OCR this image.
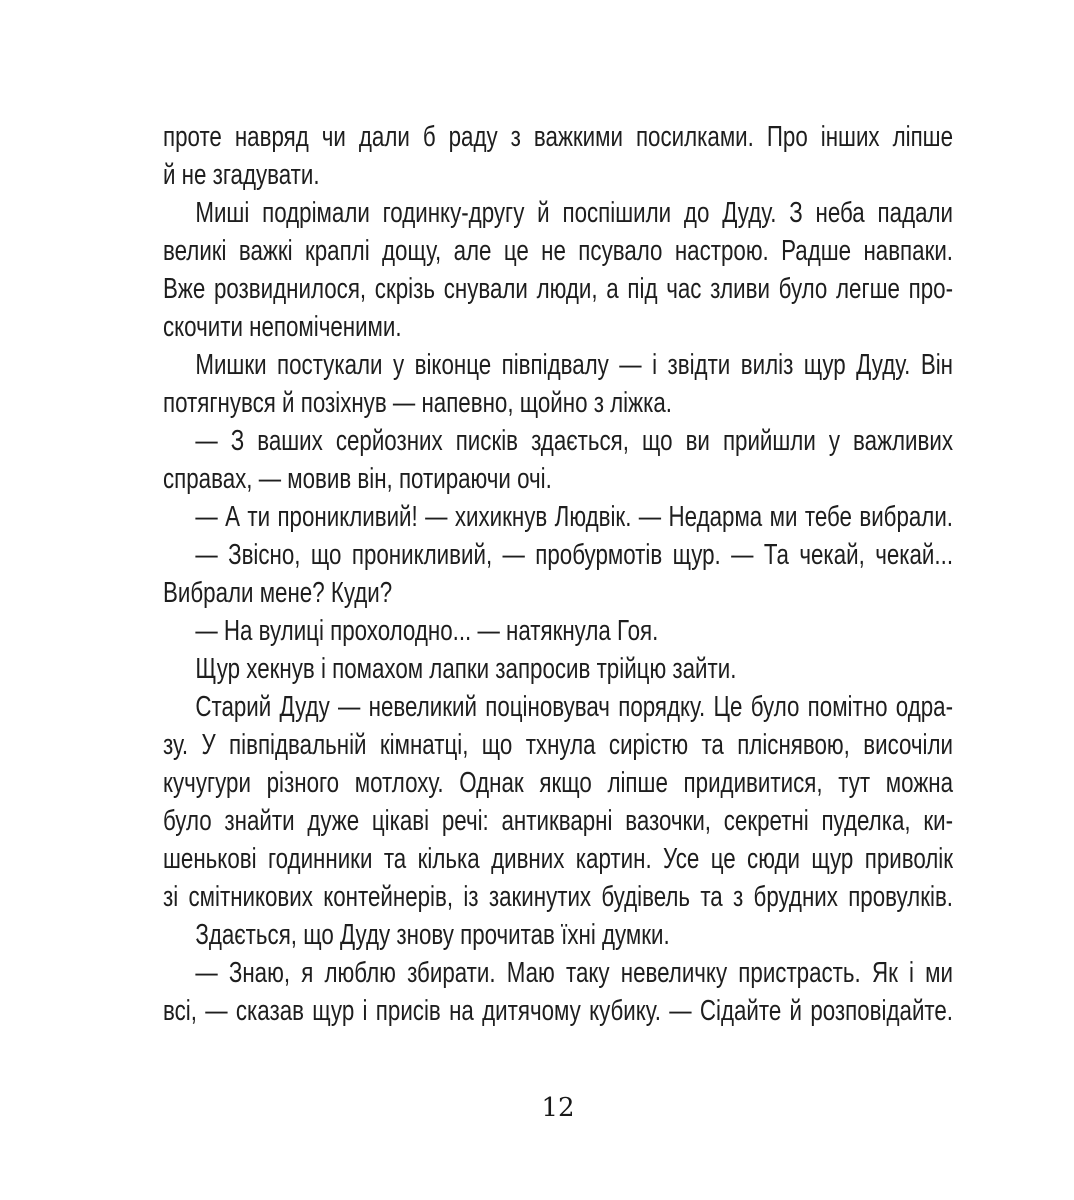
проте навряд чи дали б раду з важкими посилками. Про інших ліпше
й не згадувати.
Миші подрімали годинку-другу й поспішили до Дуду. З неба падали
великі важкі краплі дощу, але це не псувало настрою. Радше навпаки.
Вже розвиднилося, скрізь снували люди, а під час зливи було легше про-
скочити непоміченими.
Мишки постукали у віконце півпідвалу — і звідти виліз щур Дуду. Він
потягнувся й позіхнув — напевно, щойно з ліжка.
— З ваших серйозних писків здається, що ви прийшли у важливих
справах, — мовив він, потираючи очі.
— А ти проникливий! — хихикнув Людвік. — Недарма ми тебе вибрали.
— Звісно, що проникливий, — пробурмотів щур. — Та чекай, чекай...
Вибрали мене? Куди?
— На вулиці прохолодно... — натякнула Гоя.
Щур хекнув і помахом лапки запросив трійцю зайти.
Старий Дуду — невеликий поціновувач порядку. Це було помітно одра-
зу. У півпідвальній кімнатці, що тхнула сирістю та пліснявою, височіли
кучугури різного мотлоху. Однак якщо ліпше придивитися, тут можна
було знайти дуже цікаві речі: антикварні вазочки, секретні пуделка, ки-
шенькові годинники та кілька дивних картин. Усе це сюди щур приволік
зі смітникових контейнерів, із закинутих будівель та з брудних провулків.
Здається, що Дуду знову прочитав їхні думки.
— Знаю, я люблю збирати. Маю таку невеличку пристрасть. Як і ми
всі, — сказав щур і присів на дитячому кубику. — Сідайте й розповідайте.
12
